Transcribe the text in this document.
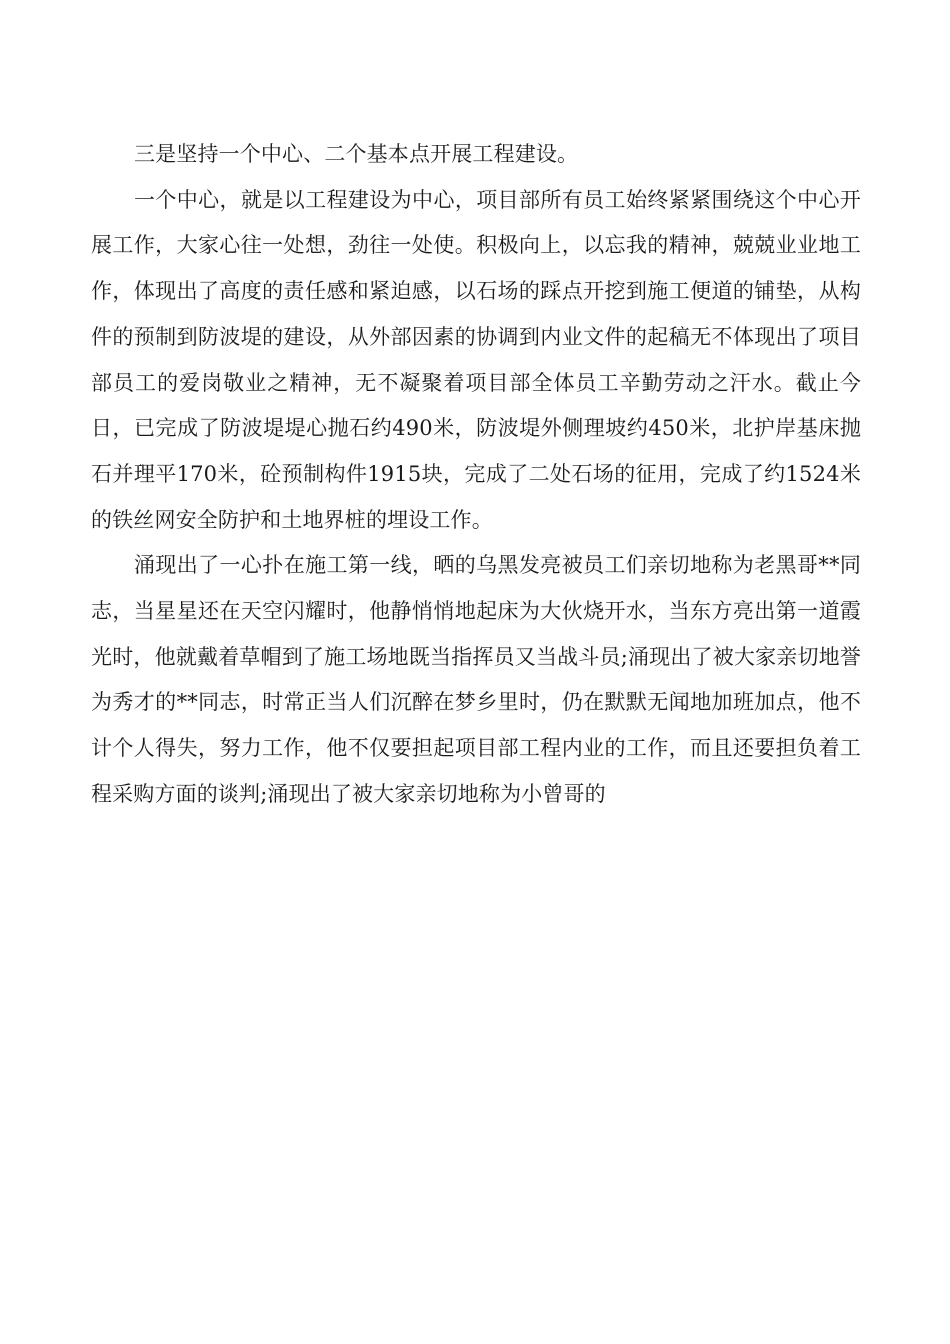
三是坚持一个中心、二个基本点开展工程建设。

一个中心，就是以工程建设为中心，项目部所有员工始终紧紧围绕这个中心开展工作，大家心往一处想，劲往一处使。积极向上，以忘我的精神，兢兢业业地工作，体现出了高度的责任感和紧迫感，以石场的踩点开挖到施工便道的铺垫，从构件的预制到防波堤的建设，从外部因素的协调到内业文件的起稿无不体现出了项目部员工的爱岗敬业之精神，无不凝聚着项目部全体员工辛勤劳动之汗水。截止今日，已完成了防波堤堤心抛石约490米，防波堤外侧理坡约450米，北护岸基床抛石并理平170米，砼预制构件1915块，完成了二处石场的征用，完成了约1524米的铁丝网安全防护和土地界桩的埋设工作。

涌现出了一心扑在施工第一线，晒的乌黑发亮被员工们亲切地称为老黑哥**同志，当星星还在天空闪耀时，他静悄悄地起床为大伙烧开水，当东方亮出第一道霞光时，他就戴着草帽到了施工场地既当指挥员又当战斗员;涌现出了被大家亲切地誉为秀才的**同志，时常正当人们沉醉在梦乡里时，仍在默默无闻地加班加点，他不计个人得失，努力工作，他不仅要担起项目部工程内业的工作，而且还要担负着工程采购方面的谈判;涌现出了被大家亲切地称为小曾哥的
